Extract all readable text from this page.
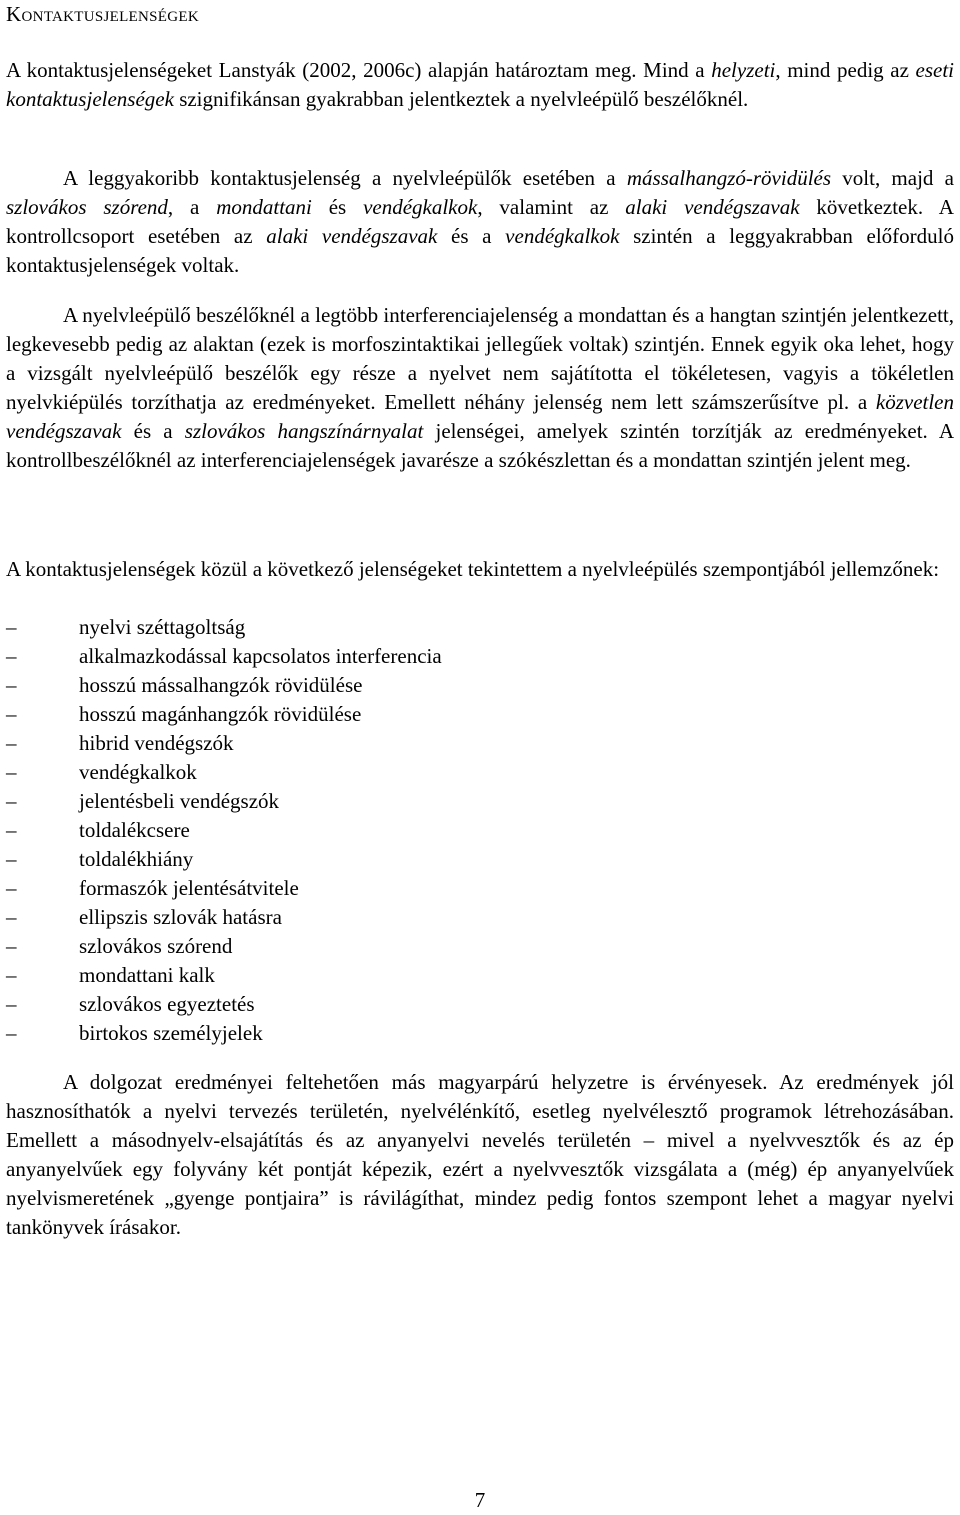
Kontaktusjelenségek

A kontaktusjelenségeket Lanstyák (2002, 2006c) alapján határoztam meg. Mind a helyzeti, mind pedig az eseti kontaktusjelenségek szignifikánsan gyakrabban jelentkeztek a nyelvleépülő beszélőknél.

A leggyakoribb kontaktusjelenség a nyelvleépülők esetében a mássalhangzó-rövidülés volt, majd a szlovákos szórend, a mondattani és vendégkalkok, valamint az alaki vendégszavak következtek. A kontrollcsoport esetében az alaki vendégszavak és a vendégkalkok szintén a leggyakrabban előforduló kontaktusjelenségek voltak.

A nyelvleépülő beszélőknél a legtöbb interferenciajelenség a mondattan és a hangtan szintjén jelentkezett, legkevesebb pedig az alaktan (ezek is morfoszintaktikai jellegűek voltak) szintjén. Ennek egyik oka lehet, hogy a vizsgált nyelvleépülő beszélők egy része a nyelvet nem sajátította el tökéletesen, vagyis a tökéletlen nyelvkiépülés torzíthatja az eredményeket. Emellett néhány jelenség nem lett számszerűsítve pl. a közvetlen vendégszavak és a szlovákos hangszínárnyalat jelenségei, amelyek szintén torzítják az eredményeket. A kontrollbeszélőknél az interferenciajelenségek javarésze a szókészlettan és a mondattan szintjén jelent meg.

A kontaktusjelenségek közül a következő jelenségeket tekintettem a nyelvleépülés szempontjából jellemzőnek:

–	nyelvi széttagoltság
–	alkalmazkodással kapcsolatos interferencia
–	hosszú mássalhangzók rövidülése
–	hosszú magánhangzók rövidülése
–	hibrid vendégszók
–	vendégkalkok
–	jelentésbeli vendégszók
–	toldalékcsere
–	toldalékhiány
–	formaszók jelentésátvitele
–	ellipszis szlovák hatásra
–	szlovákos szórend
–	mondattani kalk
–	szlovákos egyeztetés
–	birtokos személyjelek

A dolgozat eredményei feltehetően más magyarpárú helyzetre is érvényesek. Az eredmények jól hasznosíthatók a nyelvi tervezés területén, nyelvélénkítő, esetleg nyelvélesztő programok létrehozásában. Emellett a másodnyelv-elsajátítás és az anyanyelvi nevelés területén – mivel a nyelvvesztők és az ép anyanyelvűek egy folyvány két pontját képezik, ezért a nyelvvesztők vizsgálata a (még) ép anyanyelvűek nyelvismeretének „gyenge pontjaira” is rávilágíthat, mindez pedig fontos szempont lehet a magyar nyelvi tankönyvek írásakor.

7
